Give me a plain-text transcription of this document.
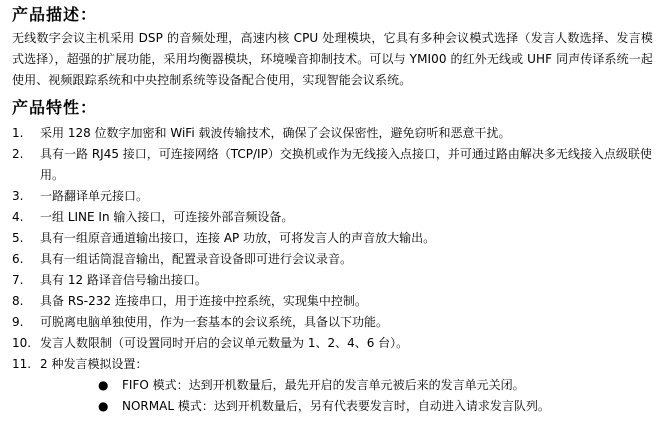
产品描述：

无线数字会议主机采用 DSP 的音频处理，高速内核 CPU 处理模块，它具有多种会议模式选择（发言人数选择、发言模式选择），超强的扩展功能，采用均衡器模块，环境噪音抑制技术。可以与 YMI00 的红外无线或 UHF 同声传译系统一起使用、视频跟踪系统和中央控制系统等设备配合使用，实现智能会议系统。

产品特性：
1.	采用 128 位数字加密和 WiFi 载波传输技术，确保了会议保密性，避免窃听和恶意干扰。
2.	具有一路 RJ45 接口，可连接网络（TCP/IP）交换机或作为无线接入点接口，并可通过路由解决多无线接入点级联使用。
3.	一路翻译单元接口。
4.	一组 LINE In 输入接口，可连接外部音频设备。
5.	具有一组原音通道输出接口，连接 AP 功放，可将发言人的声音放大输出。
6.	具有一组话筒混音输出，配置录音设备即可进行会议录音。
7.	具有 12 路译音信号输出接口。
8.	具备 RS-232 连接串口，用于连接中控系统，实现集中控制。
9.	可脱离电脑单独使用，作为一套基本的会议系统，具备以下功能。
10. 发言人数限制（可设置同时开启的会议单元数量为 1、2、4、6 台）。
11. 2 种发言模拟设置：
● FIFO 模式：达到开机数量后，最先开启的发言单元被后来的发言单元关闭。
● NORMAL 模式：达到开机数量后，另有代表要发言时，自动进入请求发言队列。
